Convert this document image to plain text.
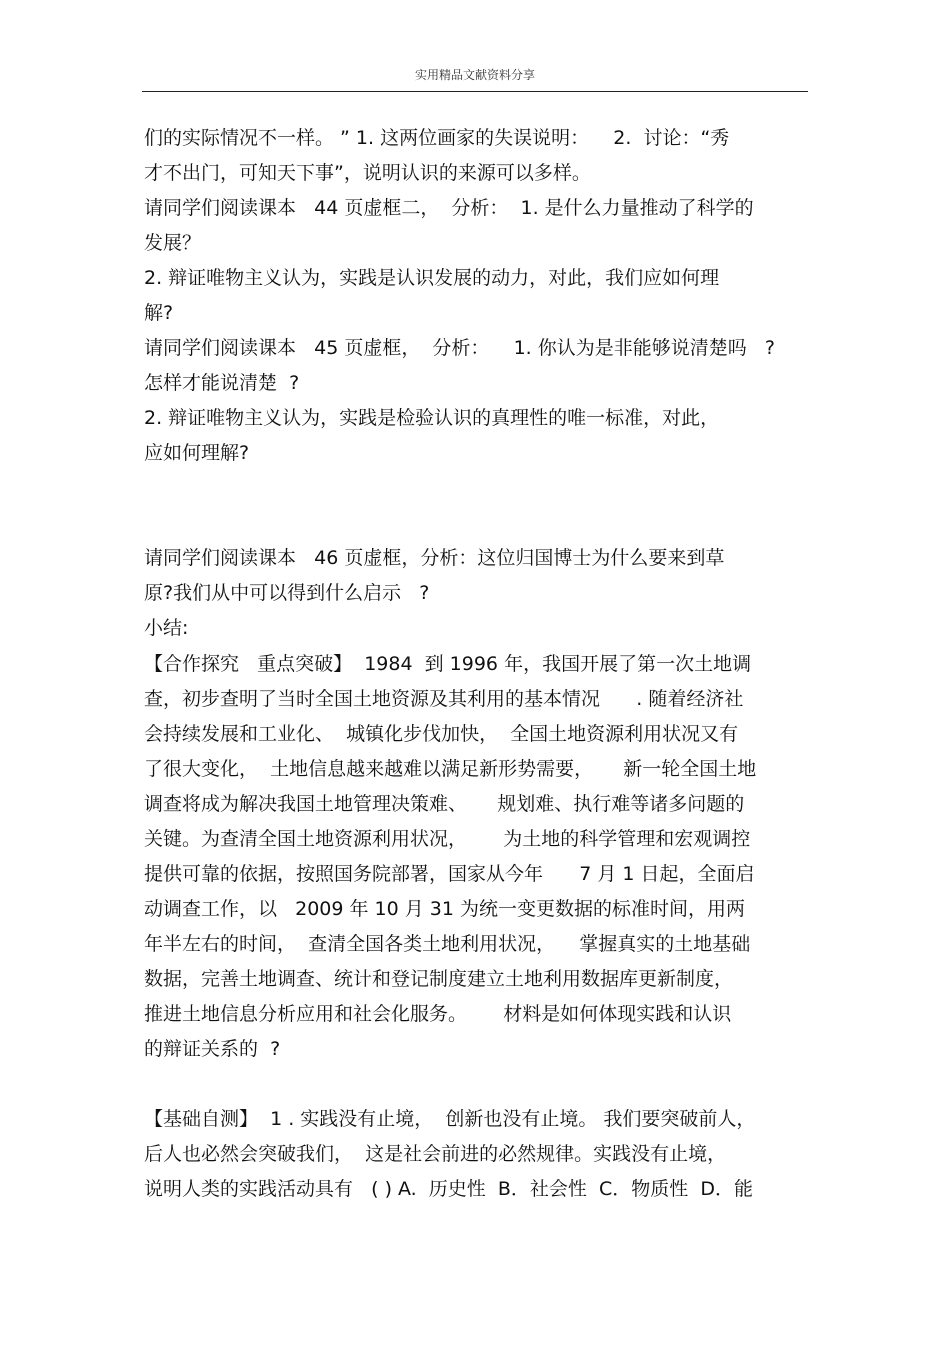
实用精品文献资料分享
们的实际情况不一样。 ” 1. 这两位画家的失误说明：    2.  讨论：“秀
才不出门，可知天下事”，说明认识的来源可以多样。
请同学们阅读课本   44 页虚框二，  分析：  1. 是什么力量推动了科学的
发展？
2. 辩证唯物主义认为，实践是认识发展的动力，对此，我们应如何理
解?
请同学们阅读课本   45 页虚框，  分析：    1. 你认为是非能够说清楚吗   ?
怎样才能说清楚  ?
2. 辩证唯物主义认为，实践是检验认识的真理性的唯一标准，对此，
应如何理解?
请同学们阅读课本   46 页虚框，分析：这位归国博士为什么要来到草
原?我们从中可以得到什么启示   ?
小结:
【合作探究   重点突破】  1984  到 1996 年，我国开展了第一次土地调
查，初步查明了当时全国土地资源及其利用的基本情况      . 随着经济社
会持续发展和工业化、  城镇化步伐加快，  全国土地资源利用状况又有
了很大变化，  土地信息越来越难以满足新形势需要，     新一轮全国土地
调查将成为解决我国土地管理决策难、     规划难、执行难等诸多问题的
关键。为查清全国土地资源利用状况，      为土地的科学管理和宏观调控
提供可靠的依据，按照国务院部署，国家从今年      7 月 1 日起，全面启
动调查工作，以   2009 年 10 月 31 为统一变更数据的标准时间，用两
年半左右的时间，  查清全国各类土地利用状况，    掌握真实的土地基础
数据，完善土地调查、统计和登记制度建立土地利用数据库更新制度，
推进土地信息分析应用和社会化服务。      材料是如何体现实践和认识
的辩证关系的  ?
【基础自测】  1 . 实践没有止境，  创新也没有止境。 我们要突破前人，
后人也必然会突破我们，  这是社会前进的必然规律。实践没有止境，
说明人类的实践活动具有   ( ) A.  历史性  B．社会性  C．物质性  D．能
